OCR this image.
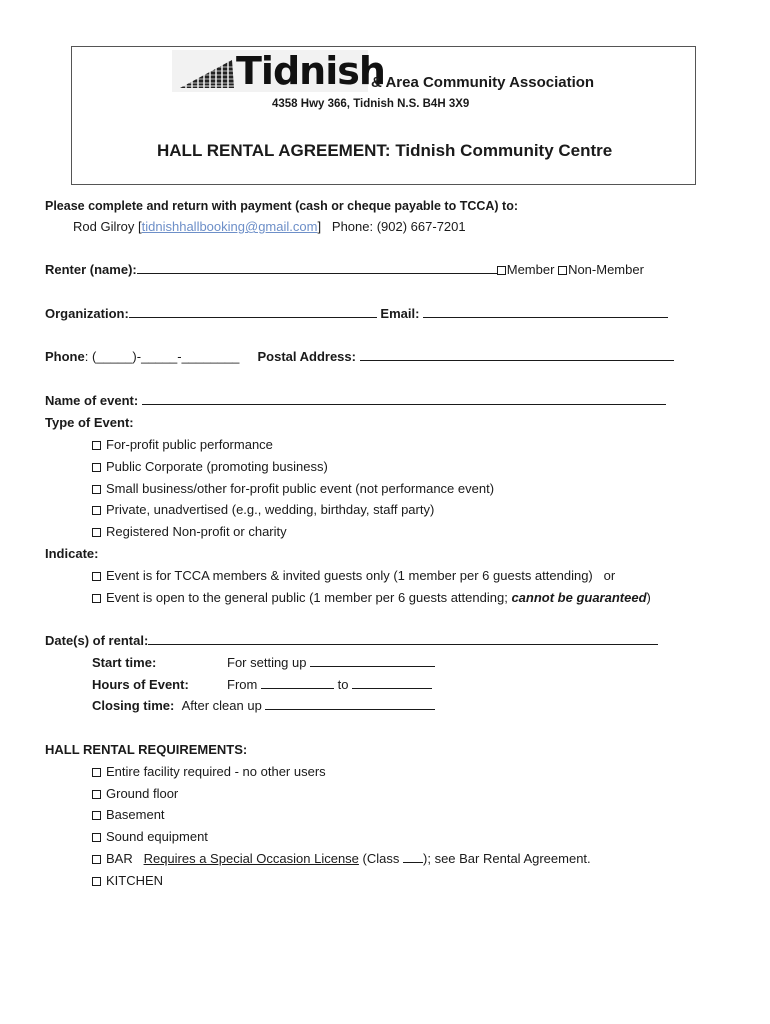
Tidnish
& Area Community Association
4358 Hwy 366, Tidnish N.S. B4H 3X9
HALL RENTAL AGREEMENT: Tidnish Community Centre
Please complete and return with payment (cash or cheque payable to TCCA) to:
Rod Gilroy [tidnishhallbooking@gmail.com] Phone: (902) 667-7201
Renter (name):	Member Non-Member
Organization:	Email:
Phone: (_____)-_____-________ Postal Address:
Name of event:
Type of Event:
For-profit public performance
Public Corporate (promoting business)
Small business/other for-profit public event (not performance event)
Private, unadvertised (e.g., wedding, birthday, staff party)
Registered Non-profit or charity
Indicate:
Event is for TCCA members & invited guests only (1 member per 6 guests attending) or
Event is open to the general public (1 member per 6 guests attending; cannot be guaranteed)
Date(s) of rental:
Start time:	For setting up
Hours of Event:	From	to
Closing time: After clean up
HALL RENTAL REQUIREMENTS:
Entire facility required - no other users
Ground floor
Basement
Sound equipment
BAR Requires a Special Occasion License (Class ); see Bar Rental Agreement.
KITCHEN
